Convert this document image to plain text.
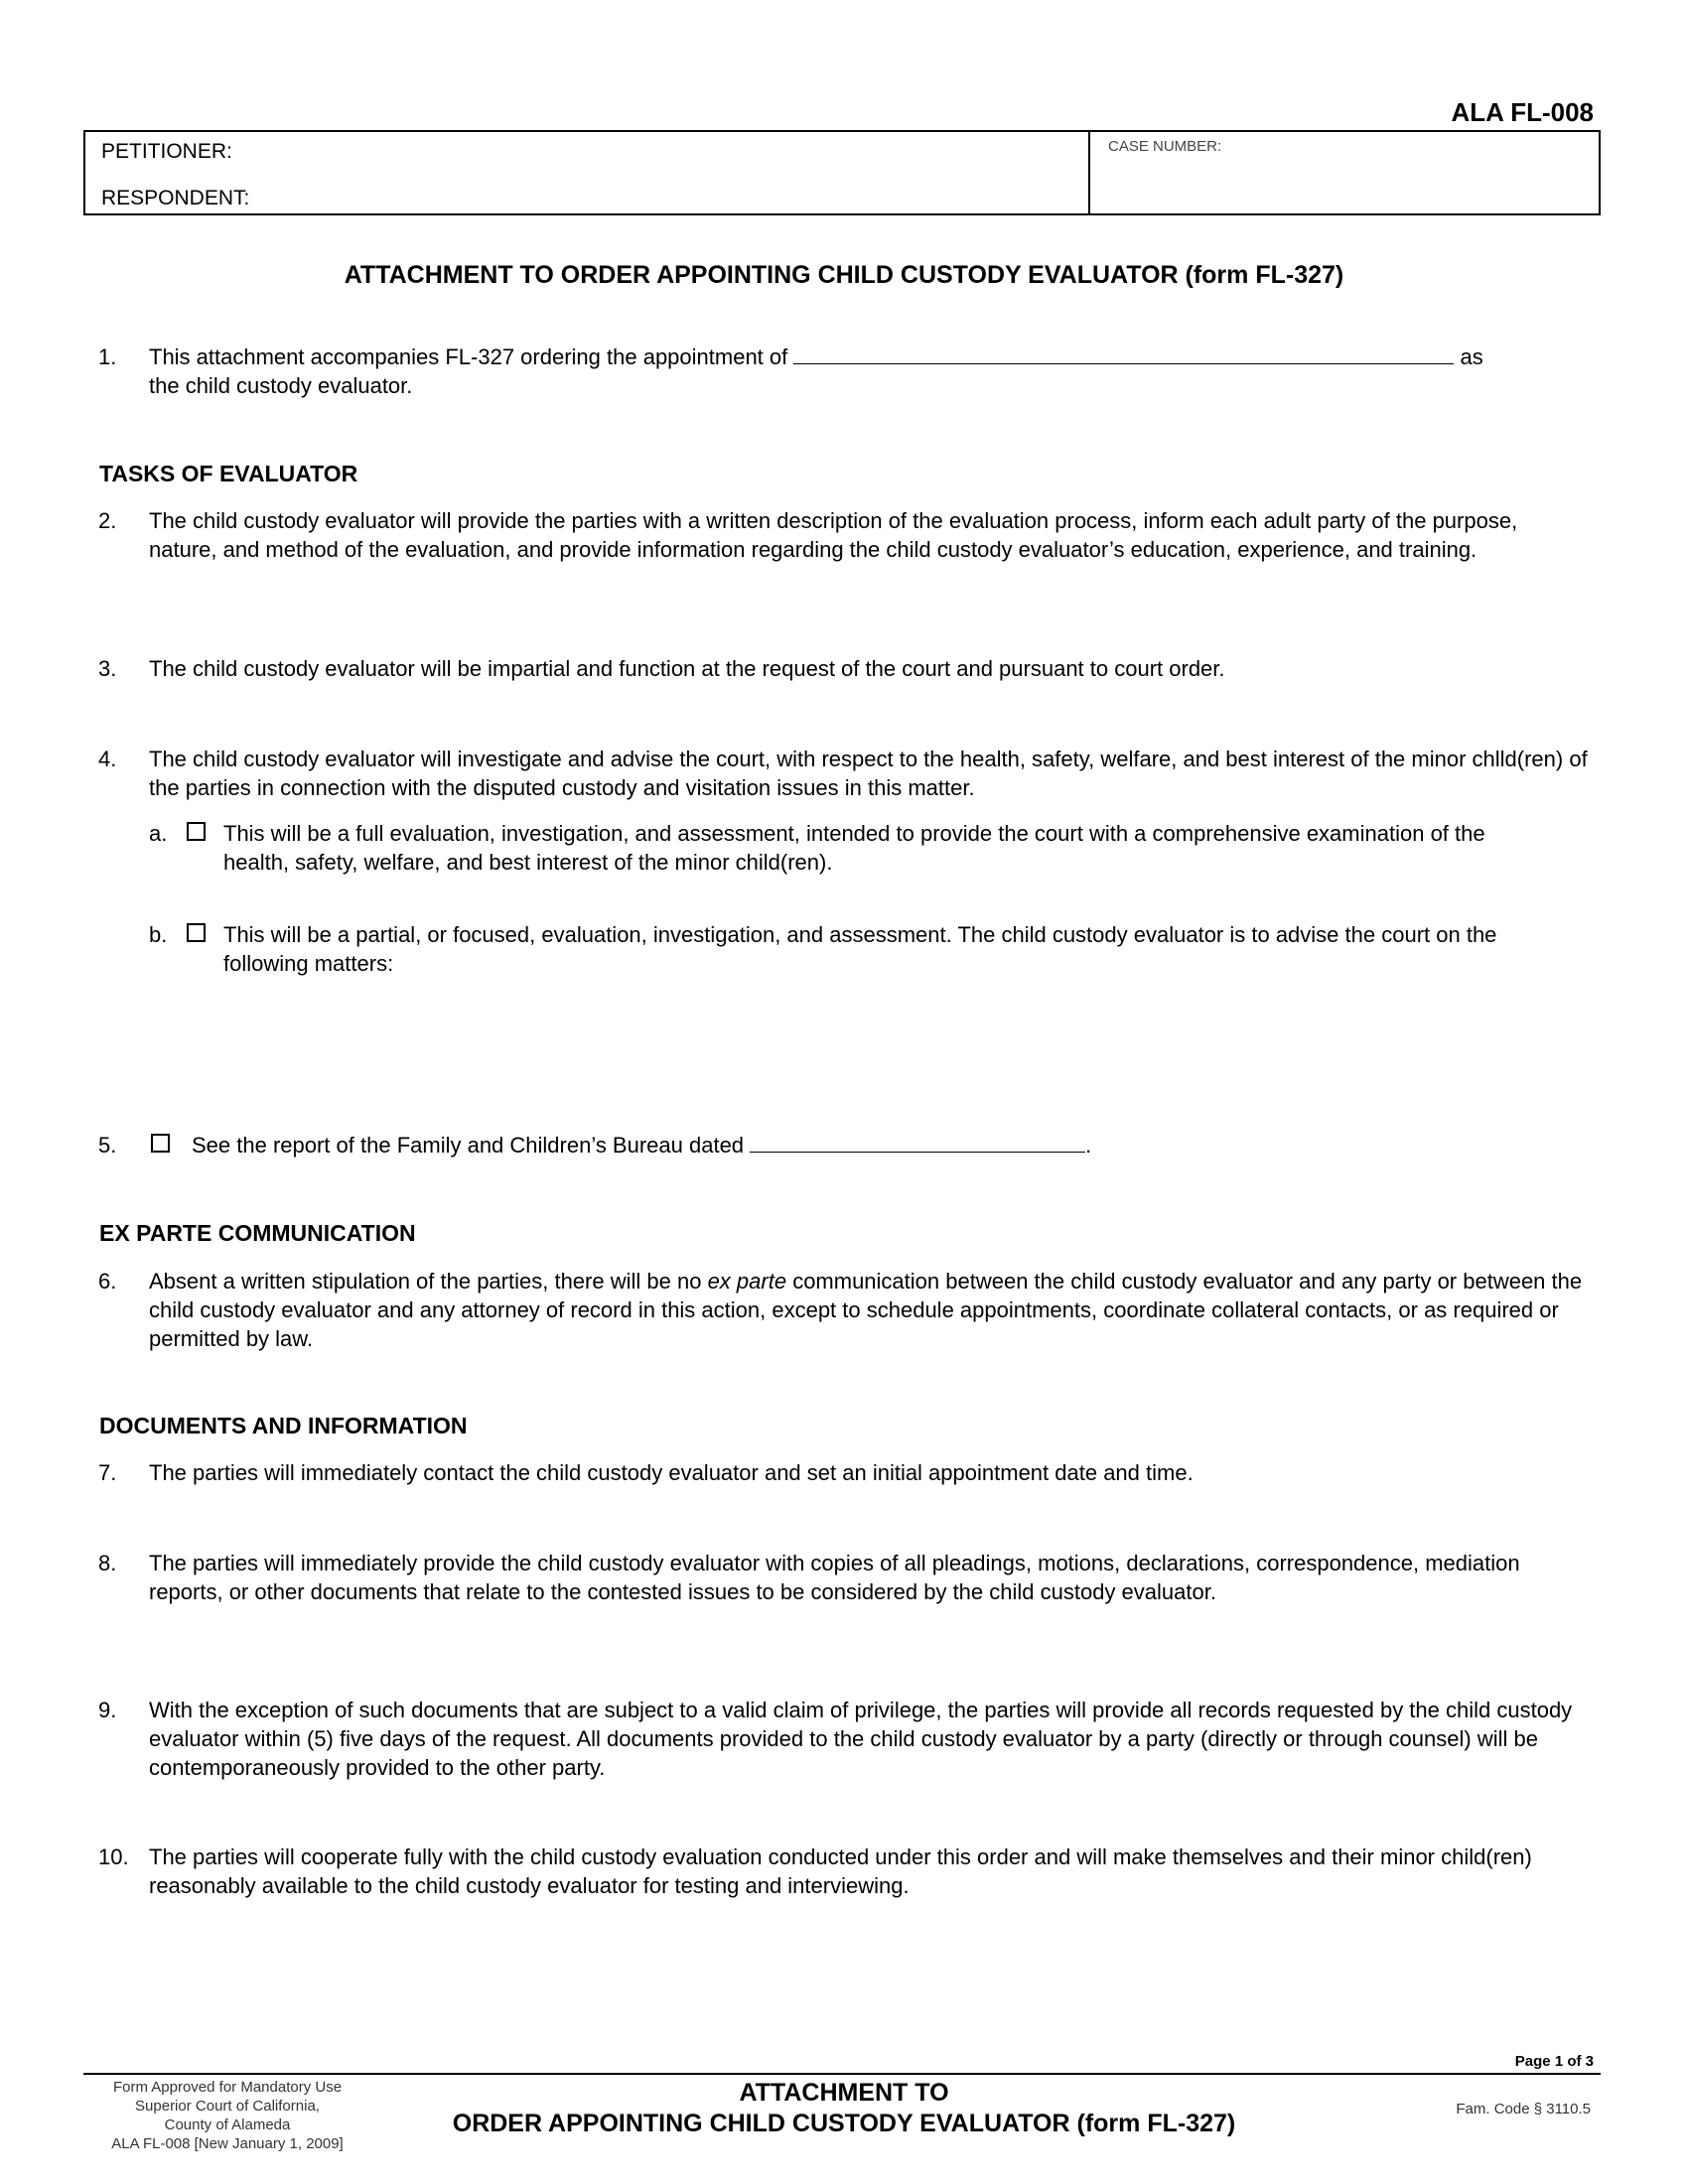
ALA FL-008
PETITIONER:
RESPONDENT:
CASE NUMBER:
ATTACHMENT TO ORDER APPOINTING CHILD CUSTODY EVALUATOR (form FL-327)
1. This attachment accompanies FL-327 ordering the appointment of	as
the child custody evaluator.
TASKS OF EVALUATOR
2. The child custody evaluator will provide the parties with a written description of the evaluation process, inform each adult party of the purpose, nature, and method of the evaluation, and provide information regarding the child custody evaluator’s education, experience, and training.
3. The child custody evaluator will be impartial and function at the request of the court and pursuant to court order.
4. The child custody evaluator will investigate and advise the court, with respect to the health, safety, welfare, and best interest of the minor chlld(ren) of the parties in connection with the disputed custody and visitation issues in this matter.
a.	This will be a full evaluation, investigation, and assessment, intended to provide the court with a comprehensive examination of the health, safety, welfare, and best interest of the minor child(ren).
b.	This will be a partial, or focused, evaluation, investigation, and assessment. The child custody evaluator is to advise the court on the following matters:
5.	See the report of the Family and Children’s Bureau dated	.
EX PARTE COMMUNICATION
6. Absent a written stipulation of the parties, there will be no ex parte communication between the child custody evaluator and any party or between the child custody evaluator and any attorney of record in this action, except to schedule appointments, coordinate collateral contacts, or as required or permitted by law.
DOCUMENTS AND INFORMATION
7. The parties will immediately contact the child custody evaluator and set an initial appointment date and time.
8. The parties will immediately provide the child custody evaluator with copies of all pleadings, motions, declarations, correspondence, mediation reports, or other documents that relate to the contested issues to be considered by the child custody evaluator.
9. With the exception of such documents that are subject to a valid claim of privilege, the parties will provide all records requested by the child custody evaluator within (5) five days of the request. All documents provided to the child custody evaluator by a party (directly or through counsel) will be contemporaneously provided to the other party.
10. The parties will cooperate fully with the child custody evaluation conducted under this order and will make themselves and their minor child(ren) reasonably available to the child custody evaluator for testing and interviewing.
Page 1 of 3
Form Approved for Mandatory Use
Superior Court of California,
County of Alameda
ALA FL-008 [New January 1, 2009]
ATTACHMENT TO
ORDER APPOINTING CHILD CUSTODY EVALUATOR (form FL-327)
Fam. Code § 3110.5
